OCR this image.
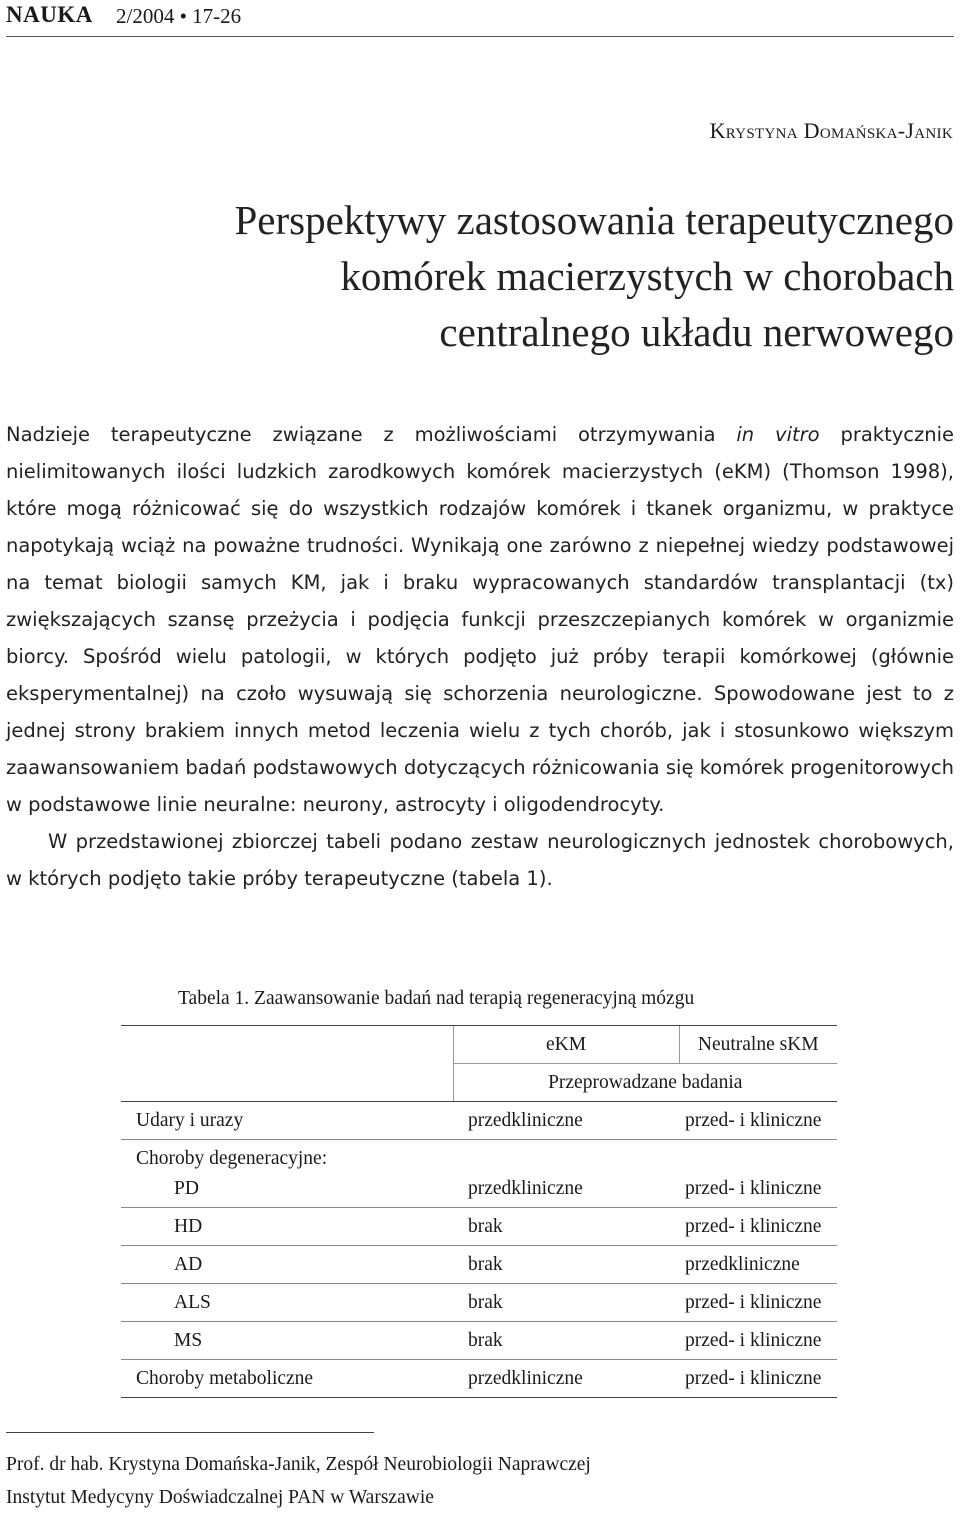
NAUKA 2/2004 • 17-26
Krystyna Domańska-Janik
Perspektywy zastosowania terapeutycznego
komórek macierzystych w chorobach
centralnego układu nerwowego

Nadzieje terapeutyczne związane z możliwościami otrzymywania in vitro praktycznie nielimitowanych ilości ludzkich zarodkowych komórek macierzystych (eKM) (Thomson 1998), które mogą różnicować się do wszystkich rodzajów komórek i tkanek organizmu, w praktyce napotykają wciąż na poważne trudności. Wynikają one zarówno z niepełnej wiedzy podstawowej na temat biologii samych KM, jak i braku wypracowanych standardów transplantacji (tx) zwiększających szansę przeżycia i podjęcia funkcji przeszczepianych komórek w organizmie biorcy. Spośród wielu patologii, w których podjęto już próby terapii komórkowej (głównie eksperymentalnej) na czoło wysuwają się schorzenia neurologiczne. Spowodowane jest to z jednej strony brakiem innych metod leczenia wielu z tych chorób, jak i stosunkowo większym zaawansowaniem badań podstawowych dotyczących różnicowania się komórek progenitorowych w podstawowe linie neuralne: neurony, astrocyty i oligodendrocyty.

W przedstawionej zbiorczej tabeli podano zestaw neurologicznych jednostek chorobowych, w których podjęto takie próby terapeutyczne (tabela 1).

Tabela 1. Zaawansowanie badań nad terapią regeneracyjną mózgu
	eKM	Neutralne sKM
	Przeprowadzane badania	
Udary i urazy	przedkliniczne	przed- i kliniczne
Choroby degeneracyjne:		
PD	przedkliniczne	przed- i kliniczne
HD	brak	przed- i kliniczne
AD	brak	przedkliniczne
ALS	brak	przed- i kliniczne
MS	brak	przed- i kliniczne
Choroby metaboliczne	przedkliniczne	przed- i kliniczne
Prof. dr hab. Krystyna Domańska-Janik, Zespół Neurobiologii Naprawczej
Instytut Medycyny Doświadczalnej PAN w Warszawie
